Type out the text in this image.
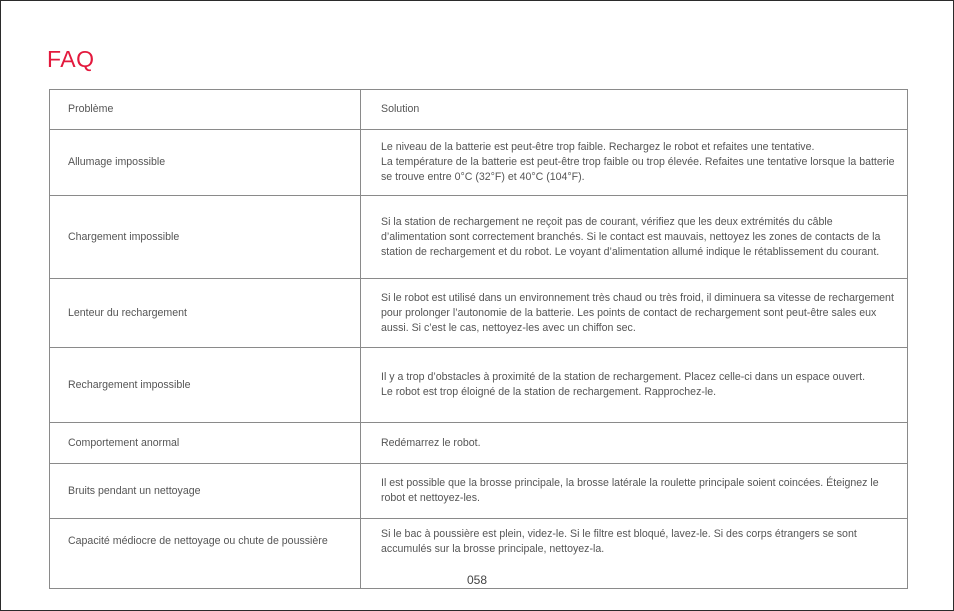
FAQ
Problème	Solution
Allumage impossible	Le niveau de la batterie est peut-être trop faible. Rechargez le robot et refaites une tentative.
La température de la batterie est peut-être trop faible ou trop élevée. Refaites une tentative lorsque la batterie se trouve entre 0°C (32°F) et 40°C (104°F).

Chargement impossible	Si la station de rechargement ne reçoit pas de courant, vérifiez que les deux extrémités du câble d’alimentation sont correctement branchés. Si le contact est mauvais, nettoyez les zones de contacts de la station de rechargement et du robot. Le voyant d’alimentation allumé indique le rétablissement du courant.

Lenteur du rechargement	Si le robot est utilisé dans un environnement très chaud ou très froid, il diminuera sa vitesse de rechargement pour prolonger l’autonomie de la batterie. Les points de contact de rechargement sont peut-être sales eux aussi. Si c’est le cas, nettoyez-les avec un chiffon sec.

Rechargement impossible	Il y a trop d’obstacles à proximité de la station de rechargement. Placez celle-ci dans un espace ouvert.
Le robot est trop éloigné de la station de rechargement. Rapprochez-le.

Comportement anormal	Redémarrez le robot.

Bruits pendant un nettoyage	Il est possible que la brosse principale, la brosse latérale la roulette principale soient coincées. Éteignez le robot et nettoyez-les.

Capacité médiocre de nettoyage ou chute de poussière	Si le bac à poussière est plein, videz-le. Si le filtre est bloqué, lavez-le. Si des corps étrangers se sont accumulés sur la brosse principale, nettoyez-la.
058
